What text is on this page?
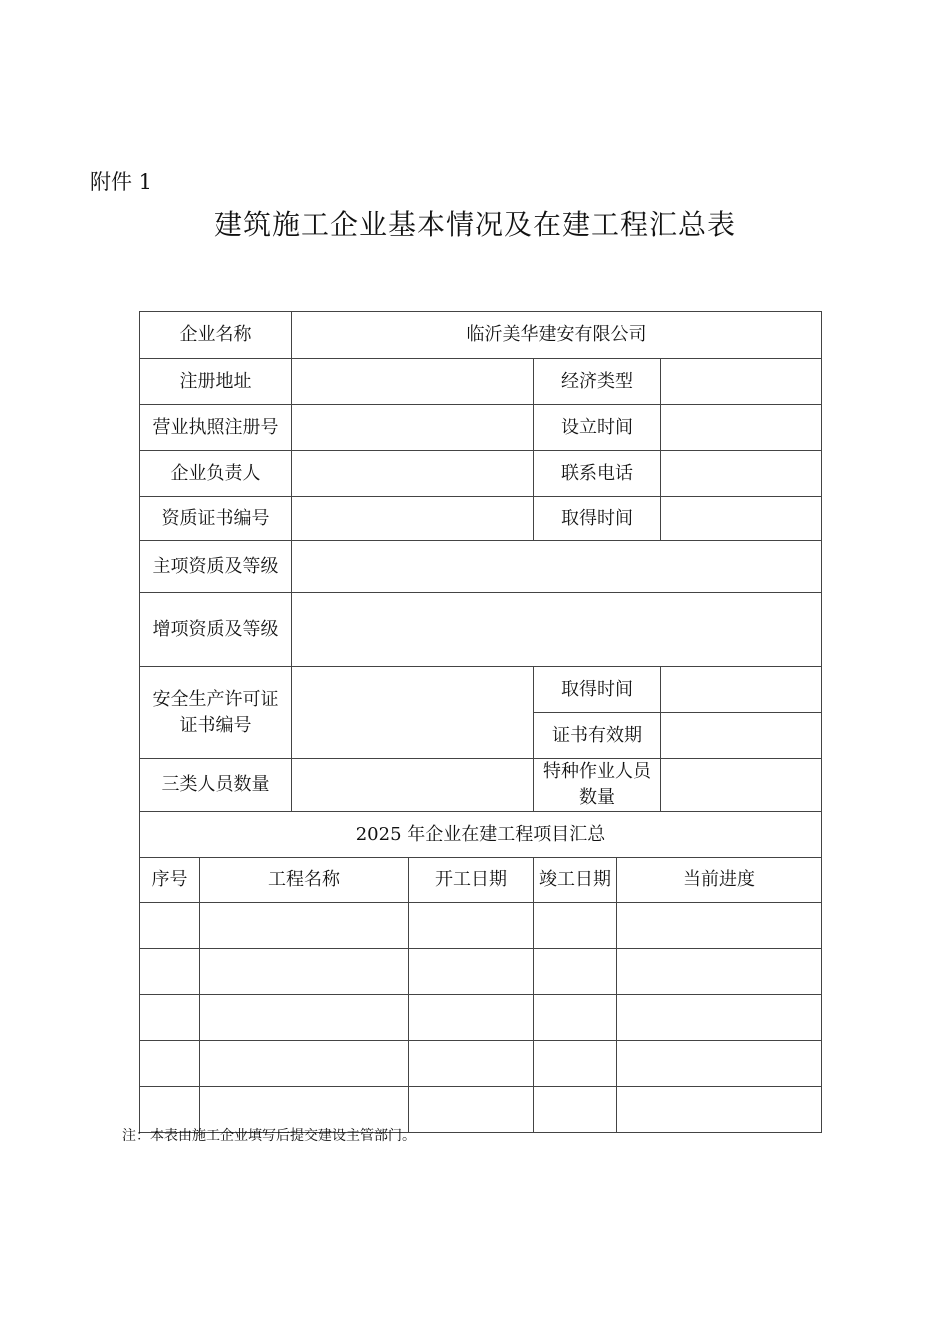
附件 1
建筑施工企业基本情况及在建工程汇总表
企业名称		临沂美华建安有限公司				
注册地址				经济类型		
营业执照注册号				设立时间		
企业负责人				联系电话		
资质证书编号				取得时间		
主项资质及等级						
增项资质及等级						

安全生产许可证
证书编号				取得时间		
				证书有效期		
三类人员数量				特种作业人员数量		
2025 年企业在建工程项目汇总						
序号	工程名称		开工日期	竣工日期	当前进度	

注：本表由施工企业填写后提交建设主管部门。
